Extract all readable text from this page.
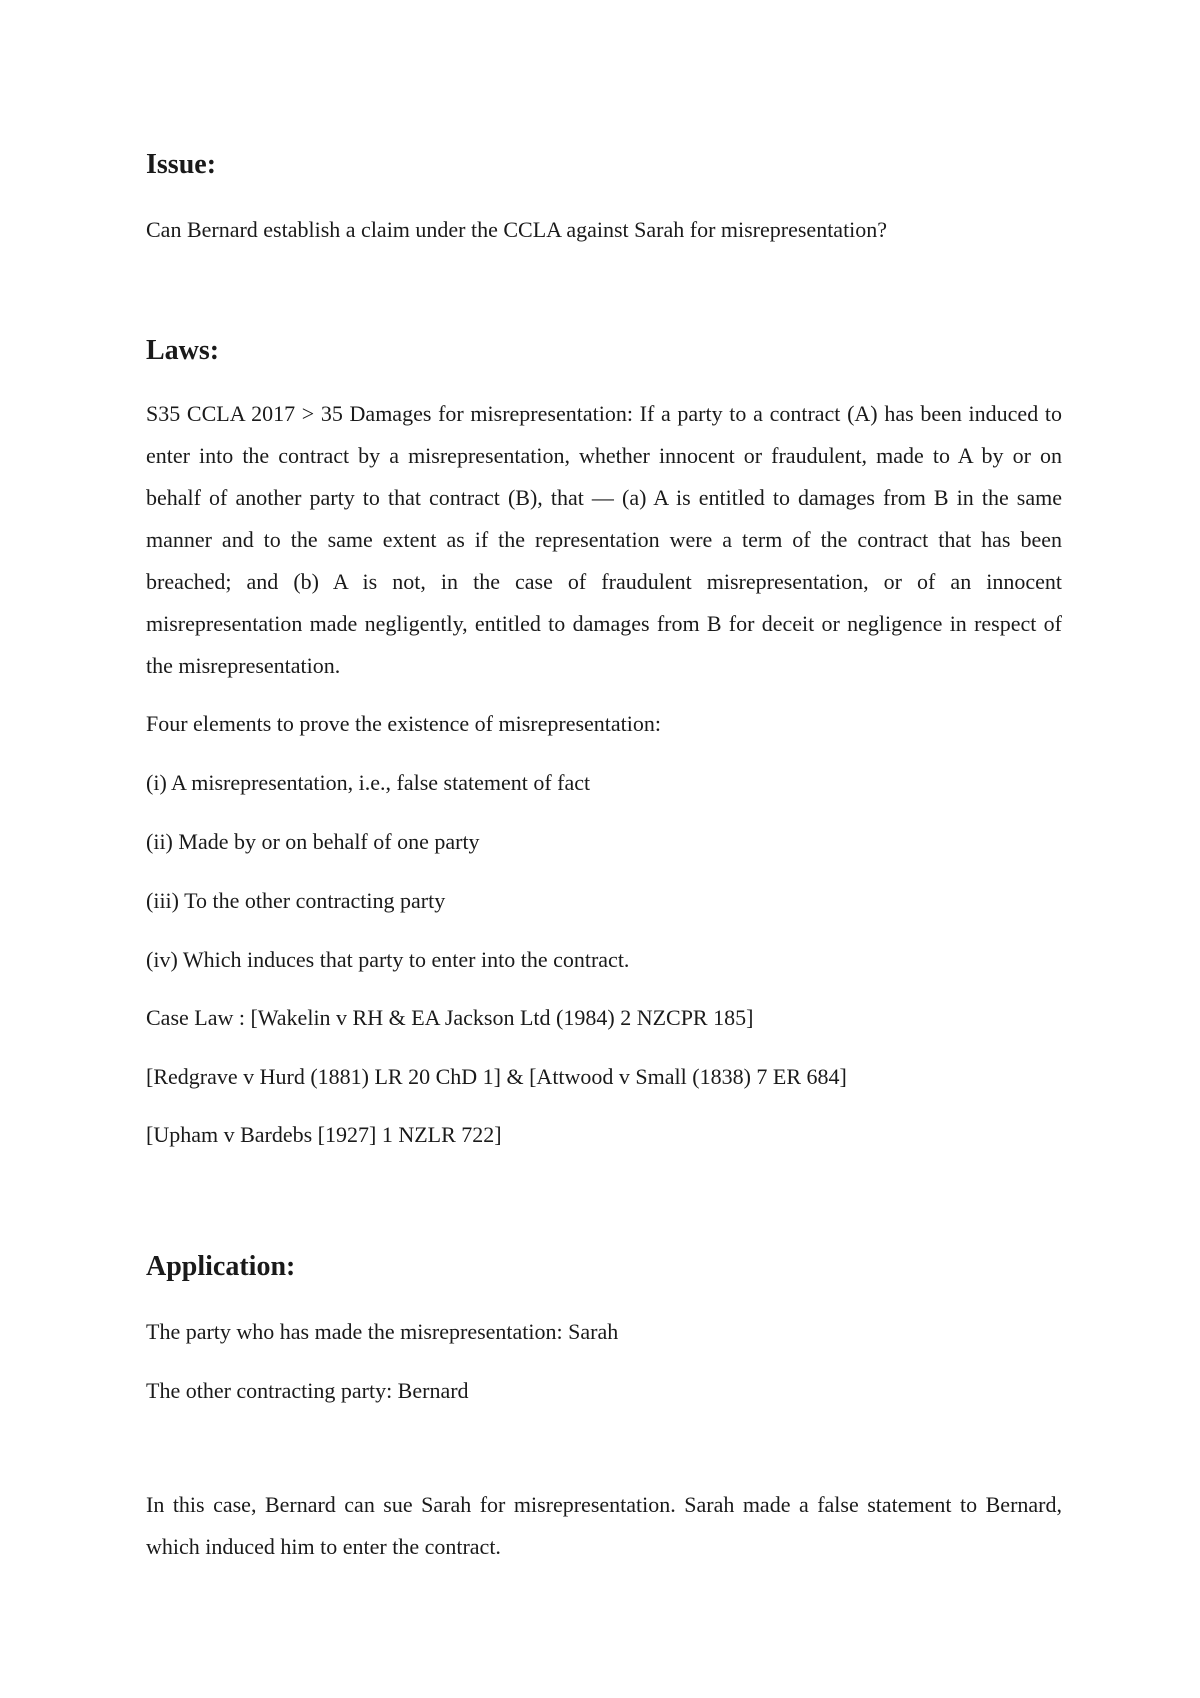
Issue:

Can Bernard establish a claim under the CCLA against Sarah for misrepresentation?

Laws:

S35 CCLA 2017 > 35 Damages for misrepresentation: If a party to a contract (A) has been induced to enter into the contract by a misrepresentation, whether innocent or fraudulent, made to A by or on behalf of another party to that contract (B), that — (a) A is entitled to damages from B in the same manner and to the same extent as if the representation were a term of the contract that has been breached; and (b) A is not, in the case of fraudulent misrepresentation, or of an innocent misrepresentation made negligently, entitled to damages from B for deceit or negligence in respect of the misrepresentation.

Four elements to prove the existence of misrepresentation:

(i) A misrepresentation, i.e., false statement of fact

(ii) Made by or on behalf of one party

(iii) To the other contracting party

(iv) Which induces that party to enter into the contract.

Case Law : [Wakelin v RH & EA Jackson Ltd (1984) 2 NZCPR 185]

[Redgrave v Hurd (1881) LR 20 ChD 1] & [Attwood v Small (1838) 7 ER 684]

[Upham v Bardebs [1927] 1 NZLR 722]

Application:

The party who has made the misrepresentation: Sarah

The other contracting party: Bernard

In this case, Bernard can sue Sarah for misrepresentation. Sarah made a false statement to Bernard, which induced him to enter the contract.
